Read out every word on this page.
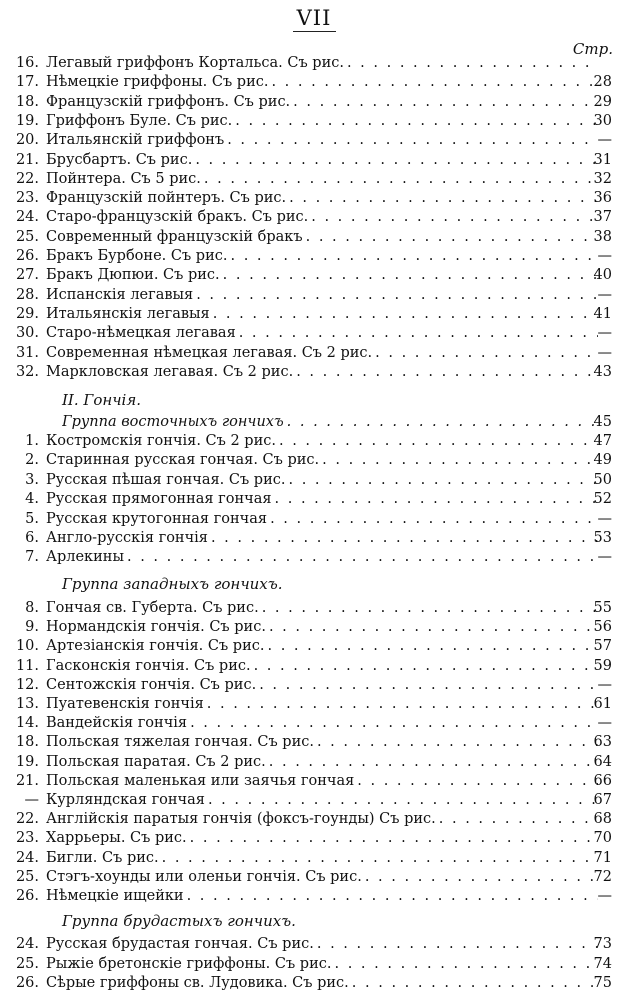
VII
Стр.
16. Легавый гриффонъ Кортальса. Съ рис. . . .
17. Нѣмецкіе гриффоны. Съ рис. . . .	28
18. Французскій гриффонъ. Съ рис. . . .	29
19. Гриффонъ Буле. Съ рис. . . .	30
20. Итальянскій гриффонъ . . .	—
21. Брусбартъ. Съ рис. . . .	31
22. Пойнтера. Съ 5 рис. . . .	32
23. Французскій пойнтеръ. Съ рис. . . .	36
24. Старо-французскій бракъ. Съ рис. . . .	37
25. Современный французскій бракъ . . .	38
26. Бракъ Бурбоне. Съ рис. . . .	—
27. Бракъ Дюпюи. Съ рис. . . .	40
28. Испанскія легавыя . . .	—
29. Итальянскія легавыя . . .	41
30. Старо-нѣмецкая легавая . . .	—
31. Современная нѣмецкая легавая. Съ 2 рис. . . .	—
32. Маркловская легавая. Съ 2 рис. . . .	43
II. Гончія.
Группа восточныхъ гончихъ . . .	45
1. Костромскія гончія. Съ 2 рис. . . .	47
2. Старинная русская гончая. Съ рис. . . .	49
3. Русская пѣшая гончая. Съ рис. . . .	50
4. Русская прямогонная гончая . . .	52
5. Русская крутогонная гончая . . .	—
6. Англо-русскія гончія . . .	53
7. Арлекины . . .	—
Группа западныхъ гончихъ.
8. Гончая св. Губерта. Съ рис. . . .	55
9. Нормандскія гончія. Съ рис. . . .	56
10. Артезіанскія гончія. Съ рис. . . .	57
11. Гасконскія гончія. Съ рис. . . .	59
12. Сентожскія гончія. Съ рис. . . .	—
13. Пуатевенскія гончія . . .	61
14. Вандейскія гончія . . .	—
18. Польская тяжелая гончая. Съ рис. . . .	63
19. Польская паратая. Съ 2 рис. . . .	64
21. Польская маленькая или заячья гончая . . .	66
— Курляндская гончая . . .	67
22. Англійскія паратыя гончія (фоксъ-гоунды) Съ рис. . . .	68
23. Харрьеры. Съ рис. . . .	70
24. Бигли. Съ рис. . . .	71
25. Стэгъ-хоунды или оленьи гончія. Съ рис. . . .	72
26. Нѣмецкіе ищейки . . .	—
Группа брудастыхъ гончихъ.
24. Русская брудастая гончая. Съ рис. . . .	73
25. Рыжіе бретонскіе гриффоны. Съ рис. . . .	74
26. Сѣрые гриффоны св. Лудовика. Съ рис. . . .	75
